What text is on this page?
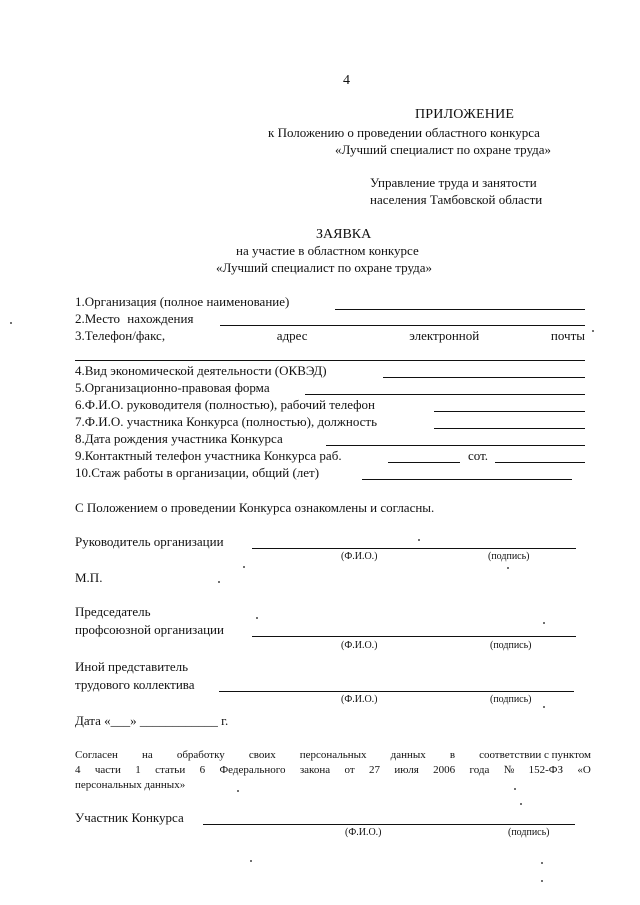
4
ПРИЛОЖЕНИЕ
к Положению о проведении областного конкурса
«Лучший специалист по охране труда»
Управление труда и занятости
населения Тамбовской области
ЗАЯВКА
на участие в областном конкурсе
«Лучший специалист по охране труда»
1.Организация (полное наименование)
2.Место нахождения
3.Телефон/факс,	адрес	электронной	почты
4.Вид экономической деятельности (ОКВЭД)
5.Организационно-правовая форма
6.Ф.И.О. руководителя (полностью), рабочий телефон
7.Ф.И.О. участника Конкурса (полностью), должность
8.Дата рождения участника Конкурса
9.Контактный телефон участника Конкурса раб.	сот.
10.Стаж работы в организации, общий (лет)
С Положением о проведении Конкурса ознакомлены и согласны.
Руководитель организации
(Ф.И.О.)	(подпись)
М.П.
Председатель
профсоюзной организации
(Ф.И.О.)	(подпись)
Иной представитель
трудового коллектива
(Ф.И.О.)	(подпись)
Дата «___» ____________ г.
Согласен на обработку своих персональных данных в соответствии с пунктом
4 части 1 статьи 6 Федерального закона от 27 июля 2006 года № 152-ФЗ «О
персональных данных»
Участник Конкурса
(Ф.И.О.)	(подпись)
